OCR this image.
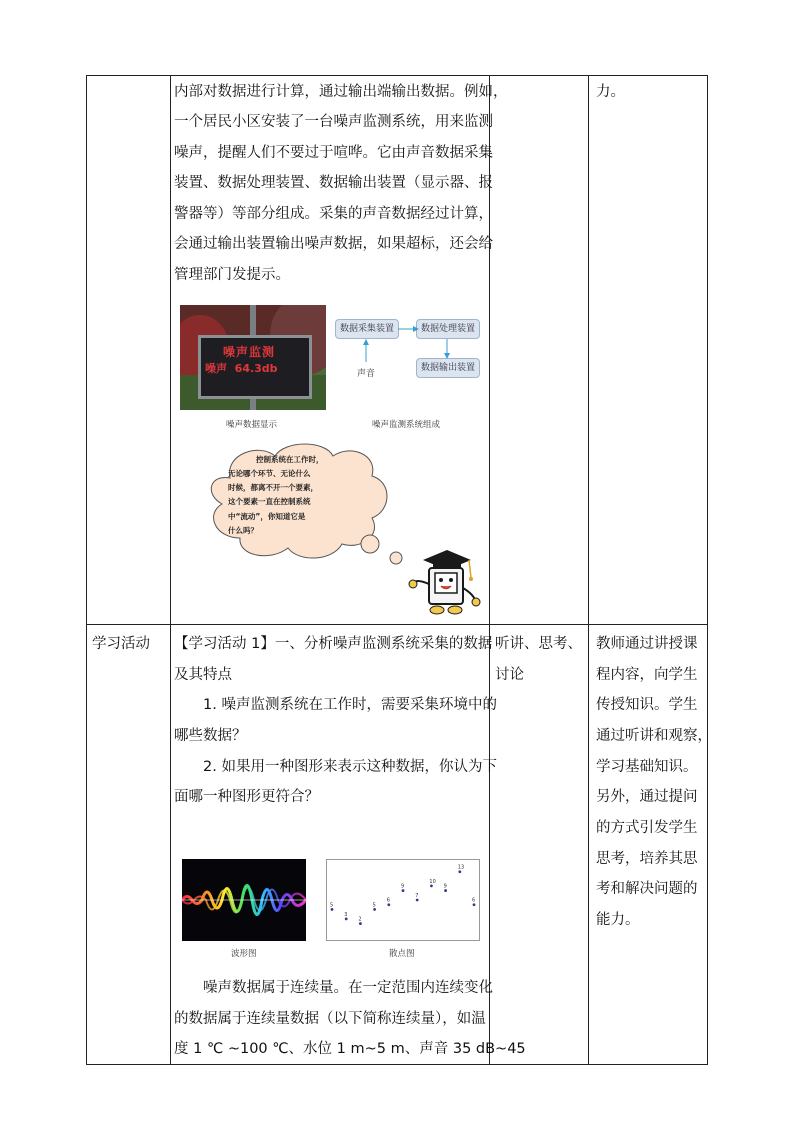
内部对数据进行计算，通过输出端输出数据。例如，
一个居民小区安装了一台噪声监测系统，用来监测
噪声，提醒人们不要过于喧哗。它由声音数据采集
装置、数据处理装置、数据输出装置（显示器、报
警器等）等部分组成。采集的声音数据经过计算，
会通过输出装置输出噪声数据，如果超标，还会给
管理部门发提示。
力。
噪声监测
噪声  64.3db
噪声数据显示
数据采集装置	数据处理装置
数据输出装置
声音
噪声监测系统组成
控制系统在工作时，
无论哪个环节、无论什么
时候，都离不开一个要素，
这个要素一直在控制系统
中“流动”，你知道它是
什么吗？
学习活动 【学习活动 1】一、分析噪声监测系统采集的数据
及其特点
1. 噪声监测系统在工作时，需要采集环境中的
哪些数据？
2. 如果用一种图形来表示这种数据，你认为下
面哪一种图形更符合？
听讲、思考、
讨论
教师通过讲授课
程内容，向学生
传授知识。学生
通过听讲和观察，
学习基础知识。
另外，通过提问
的方式引发学生
思考，培养其思
考和解决问题的
能力。
波形图
5
3
2
5
6
9
7
10
9
13
6
散点图
噪声数据属于连续量。在一定范围内连续变化
的数据属于连续量数据（以下简称连续量），如温
度 1 ℃ ~100 ℃、水位 1 m~5 m、声音 35 dB~45
